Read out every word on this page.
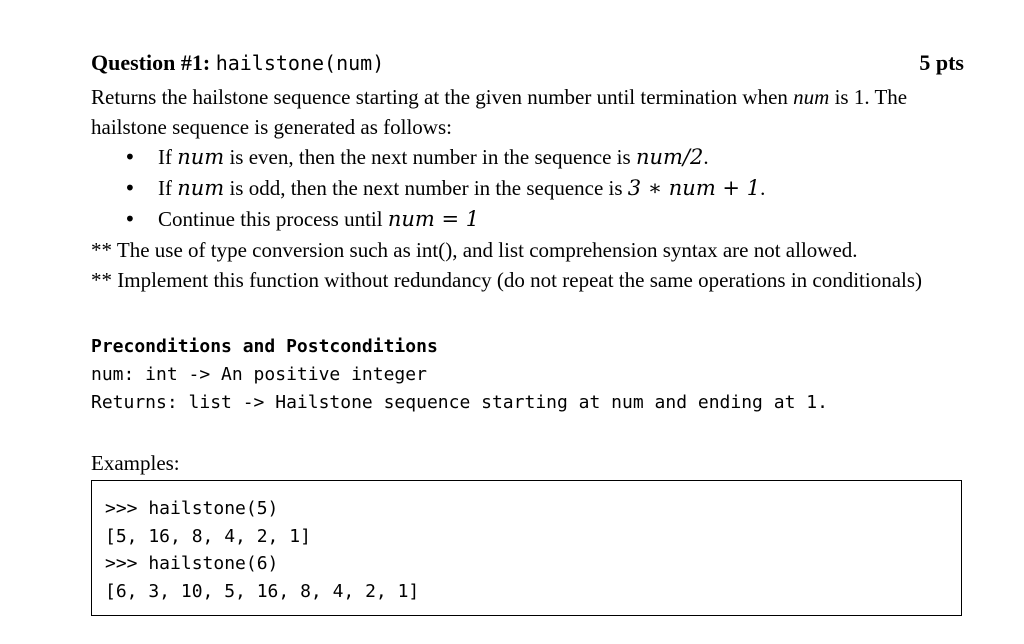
Question #1: hailstone(num)	5 pts

Returns the hailstone sequence starting at the given number until termination when num is 1. The hailstone sequence is generated as follows:

• If num is even, then the next number in the sequence is num/2.
• If num is odd, then the next number in the sequence is 3 ∗ num + 1.
• Continue this process until num = 1

** The use of type conversion such as int(), and list comprehension syntax are not allowed.

** Implement this function without redundancy (do not repeat the same operations in conditionals)

Preconditions and Postconditions
num: int -> An positive integer
Returns: list -> Hailstone sequence starting at num and ending at 1.
Examples:
>>> hailstone(5)
[5, 16, 8, 4, 2, 1]
>>> hailstone(6)
[6, 3, 10, 5, 16, 8, 4, 2, 1]
